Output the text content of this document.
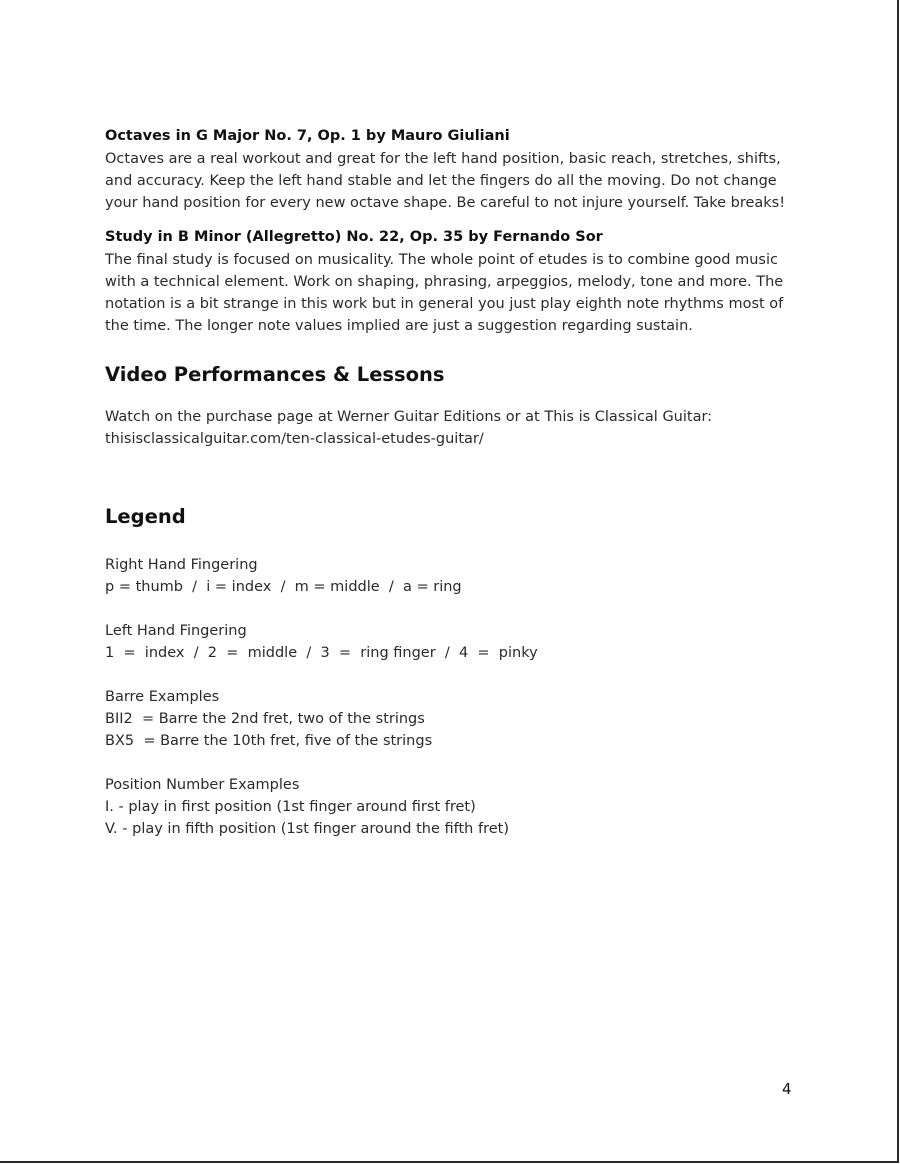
Octaves in G Major No. 7, Op. 1 by Mauro Giuliani

Octaves are a real workout and great for the left hand position, basic reach, stretches, shifts,
and accuracy. Keep the left hand stable and let the fingers do all the moving. Do not change
your hand position for every new octave shape. Be careful to not injure yourself. Take breaks!

Study in B Minor (Allegretto) No. 22, Op. 35 by Fernando Sor

The final study is focused on musicality. The whole point of etudes is to combine good music
with a technical element. Work on shaping, phrasing, arpeggios, melody, tone and more. The
notation is a bit strange in this work but in general you just play eighth note rhythms most of
the time. The longer note values implied are just a suggestion regarding sustain.

Video Performances & Lessons

Watch on the purchase page at Werner Guitar Editions or at This is Classical Guitar:
thisisclassicalguitar.com/ten-classical-etudes-guitar/

Legend
Right Hand Fingering
p = thumb  /  i = index  /  m = middle  /  a = ring
Left Hand Fingering
1  =  index  /  2  =  middle  /  3  =  ring finger  /  4  =  pinky
Barre Examples
BII2  = Barre the 2nd fret, two of the strings
BX5  = Barre the 10th fret, five of the strings
Position Number Examples
I. - play in first position (1st finger around first fret)
V. - play in fifth position (1st finger around the fifth fret)
4
